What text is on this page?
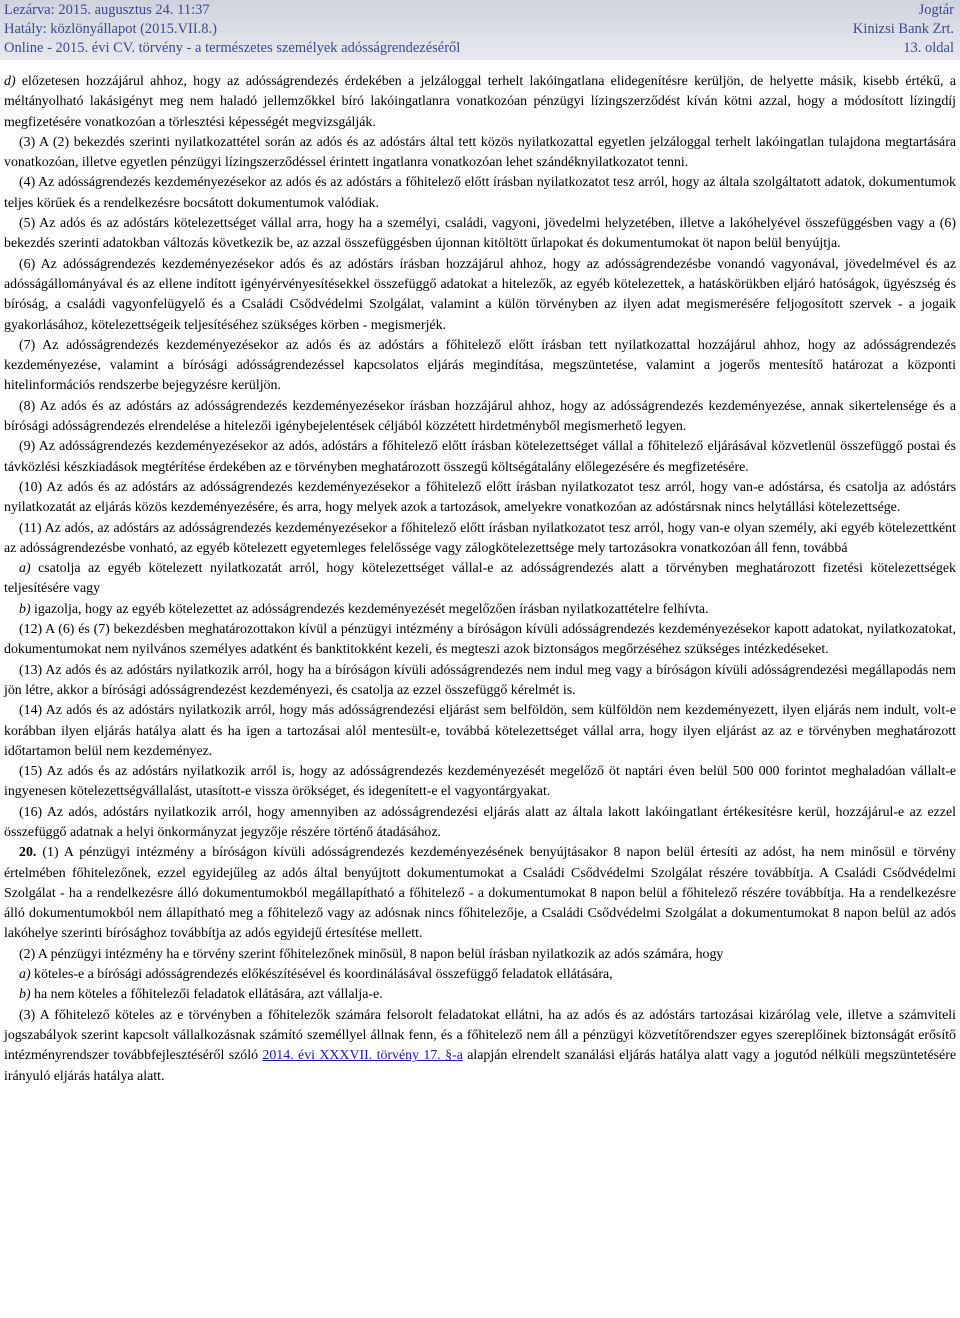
Lezárva: 2015. augusztus 24. 11:37
Hatály: közlönyállapot (2015.VII.8.)
Online - 2015. évi CV. törvény - a természetes személyek adósságrendezéséről
Jogtár
Kinizsi Bank Zrt.
13. oldal

d) előzetesen hozzájárul ahhoz, hogy az adósságrendezés érdekében a jelzáloggal terhelt lakóingatlana elidegenítésre kerüljön, de helyette másik, kisebb értékű, a méltányolható lakásigényt meg nem haladó jellemzőkkel bíró lakóingatlanra vonatkozóan pénzügyi lízingszerződést kíván kötni azzal, hogy a módosított lízingdíj megfizetésére vonatkozóan a törlesztési képességét megvizsgálják.

(3) A (2) bekezdés szerinti nyilatkozattétel során az adós és az adóstárs által tett közös nyilatkozattal egyetlen jelzáloggal terhelt lakóingatlan tulajdona megtartására vonatkozóan, illetve egyetlen pénzügyi lízingszerződéssel érintett ingatlanra vonatkozóan lehet szándéknyilatkozatot tenni.

(4) Az adósságrendezés kezdeményezésekor az adós és az adóstárs a főhitelező előtt írásban nyilatkozatot tesz arról, hogy az általa szolgáltatott adatok, dokumentumok teljes körűek és a rendelkezésre bocsátott dokumentumok valódiak.

(5) Az adós és az adóstárs kötelezettséget vállal arra, hogy ha a személyi, családi, vagyoni, jövedelmi helyzetében, illetve a lakóhelyével összefüggésben vagy a (6) bekezdés szerinti adatokban változás következik be, az azzal összefüggésben újonnan kitöltött űrlapokat és dokumentumokat öt napon belül benyújtja.

(6) Az adósságrendezés kezdeményezésekor adós és az adóstárs írásban hozzájárul ahhoz, hogy az adósságrendezésbe vonandó vagyonával, jövedelmével és az adósságállományával és az ellene indított igényérvényesítésekkel összefüggő adatokat a hitelezők, az egyéb kötelezettek, a hatáskörükben eljáró hatóságok, ügyészség és bíróság, a családi vagyonfelügyelő és a Családi Csődvédelmi Szolgálat, valamint a külön törvényben az ilyen adat megismerésére feljogosított szervek - a jogaik gyakorlásához, kötelezettségeik teljesítéséhez szükséges körben - megismerjék.

(7) Az adósságrendezés kezdeményezésekor az adós és az adóstárs a főhitelező előtt írásban tett nyilatkozattal hozzájárul ahhoz, hogy az adósságrendezés kezdeményezése, valamint a bírósági adósságrendezéssel kapcsolatos eljárás megindítása, megszüntetése, valamint a jogerős mentesítő határozat a központi hitelinformációs rendszerbe bejegyzésre kerüljön.

(8) Az adós és az adóstárs az adósságrendezés kezdeményezésekor írásban hozzájárul ahhoz, hogy az adósságrendezés kezdeményezése, annak sikertelensége és a bírósági adósságrendezés elrendelése a hitelezői igénybejelentések céljából közzétett hirdetményből megismerhető legyen.

(9) Az adósságrendezés kezdeményezésekor az adós, adóstárs a főhitelező előtt írásban kötelezettséget vállal a főhitelező eljárásával közvetlenül összefüggő postai és távközlési készkiadások megtérítése érdekében az e törvényben meghatározott összegű költségátalány előlegezésére és megfizetésére.

(10) Az adós és az adóstárs az adósságrendezés kezdeményezésekor a főhitelező előtt írásban nyilatkozatot tesz arról, hogy van-e adóstársa, és csatolja az adóstárs nyilatkozatát az eljárás közös kezdeményezésére, és arra, hogy melyek azok a tartozások, amelyekre vonatkozóan az adóstársnak nincs helytállási kötelezettsége.

(11) Az adós, az adóstárs az adósságrendezés kezdeményezésekor a főhitelező előtt írásban nyilatkozatot tesz arról, hogy van-e olyan személy, aki egyéb kötelezettként az adósságrendezésbe vonható, az egyéb kötelezett egyetemleges felelőssége vagy zálogkötelezettsége mely tartozásokra vonatkozóan áll fenn, továbbá

a) csatolja az egyéb kötelezett nyilatkozatát arról, hogy kötelezettséget vállal-e az adósságrendezés alatt a törvényben meghatározott fizetési kötelezettségek teljesítésére vagy

b) igazolja, hogy az egyéb kötelezettet az adósságrendezés kezdeményezését megelőzően írásban nyilatkozattételre felhívta.

(12) A (6) és (7) bekezdésben meghatározottakon kívül a pénzügyi intézmény a bíróságon kívüli adósságrendezés kezdeményezésekor kapott adatokat, nyilatkozatokat, dokumentumokat nem nyilvános személyes adatként és banktitokként kezeli, és megteszi azok biztonságos megőrzéséhez szükséges intézkedéseket.

(13) Az adós és az adóstárs nyilatkozik arról, hogy ha a bíróságon kívüli adósságrendezés nem indul meg vagy a bíróságon kívüli adósságrendezési megállapodás nem jön létre, akkor a bírósági adósságrendezést kezdeményezi, és csatolja az ezzel összefüggő kérelmét is.

(14) Az adós és az adóstárs nyilatkozik arról, hogy más adósságrendezési eljárást sem belföldön, sem külföldön nem kezdeményezett, ilyen eljárás nem indult, volt-e korábban ilyen eljárás hatálya alatt és ha igen a tartozásai alól mentesült-e, továbbá kötelezettséget vállal arra, hogy ilyen eljárást az az e törvényben meghatározott időtartamon belül nem kezdeményez.

(15) Az adós és az adóstárs nyilatkozik arról is, hogy az adósságrendezés kezdeményezését megelőző öt naptári éven belül 500 000 forintot meghaladóan vállalt-e ingyenesen kötelezettségvállalást, utasított-e vissza örökséget, és idegenített-e el vagyontárgyakat.

(16) Az adós, adóstárs nyilatkozik arról, hogy amennyiben az adósságrendezési eljárás alatt az általa lakott lakóingatlant értékesítésre kerül, hozzájárul-e az ezzel összefüggő adatnak a helyi önkormányzat jegyzője részére történő átadásához.

20. (1) A pénzügyi intézmény a bíróságon kívüli adósságrendezés kezdeményezésének benyújtásakor 8 napon belül értesíti az adóst, ha nem minősül e törvény értelmében főhitelezőnek, ezzel egyidejűleg az adós által benyújtott dokumentumokat a Családi Csődvédelmi Szolgálat részére továbbítja. A Családi Csődvédelmi Szolgálat - ha a rendelkezésre álló dokumentumokból megállapítható a főhitelező - a dokumentumokat 8 napon belül a főhitelező részére továbbítja. Ha a rendelkezésre álló dokumentumokból nem állapítható meg a főhitelező vagy az adósnak nincs főhitelezője, a Családi Csődvédelmi Szolgálat a dokumentumokat 8 napon belül az adós lakóhelye szerinti bírósághoz továbbítja az adós egyidejű értesítése mellett.

(2) A pénzügyi intézmény ha e törvény szerint főhitelezőnek minősül, 8 napon belül írásban nyilatkozik az adós számára, hogy

a) köteles-e a bírósági adósságrendezés előkészítésével és koordinálásával összefüggő feladatok ellátására,

b) ha nem köteles a főhitelezői feladatok ellátására, azt vállalja-e.

(3) A főhitelező köteles az e törvényben a főhitelezők számára felsorolt feladatokat ellátni, ha az adós és az adóstárs tartozásai kizárólag vele, illetve a számviteli jogszabályok szerint kapcsolt vállalkozásnak számító személlyel állnak fenn, és a főhitelező nem áll a pénzügyi közvetítőrendszer egyes szereplőinek biztonságát erősítő intézményrendszer továbbfejlesztéséről szóló 2014. évi XXXVII. törvény 17. §-a alapján elrendelt szanálási eljárás hatálya alatt vagy a jogutód nélküli megszüntetésére irányuló eljárás hatálya alatt.
